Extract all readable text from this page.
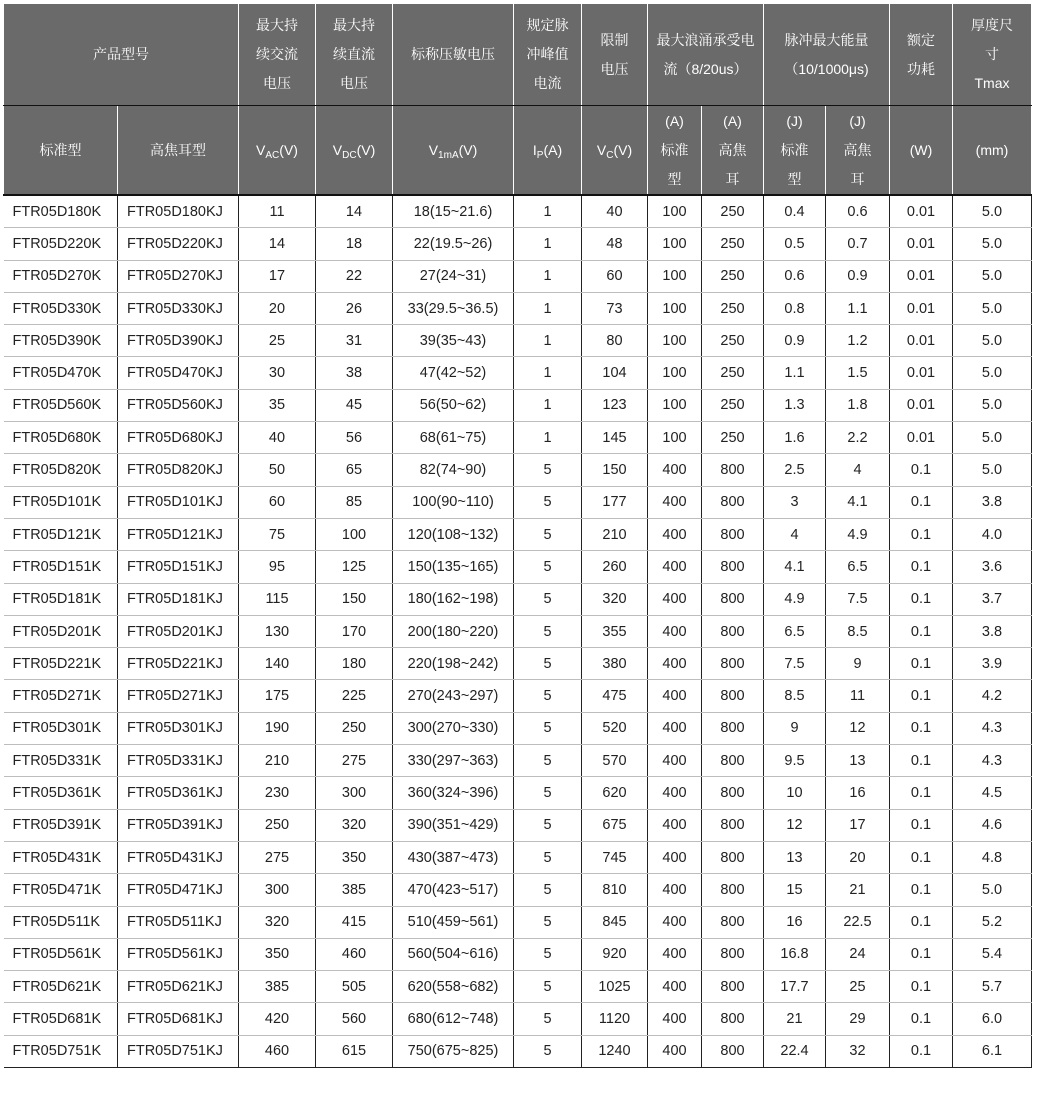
产品型号		最大持续交流电压	最大持续直流电压	标称压敏电压	规定脉冲峰值电流	限制电压	最大浪涌承受电流（8/20us）		脉冲最大能量（10/1000μs)		额定功耗	厚度尺寸Tmax

标准型	高焦耳型	$V_{AC}(V)$	$V_{DC}(V)$	$V_{1mA}(V)$	$I_P(A)$	$V_C(V)$	(A)标准型	(A)高焦耳	(J)标准型	(J)高焦耳	(W)	(mm)
FTR05D180K	FTR05D180KJ	11	14	18(15~21.6)	1	40	100	250	0.4	0.6	0.01	5.0
FTR05D220K	FTR05D220KJ	14	18	22(19.5~26)	1	48	100	250	0.5	0.7	0.01	5.0
FTR05D270K	FTR05D270KJ	17	22	27(24~31)	1	60	100	250	0.6	0.9	0.01	5.0
FTR05D330K	FTR05D330KJ	20	26	33(29.5~36.5)	1	73	100	250	0.8	1.1	0.01	5.0
FTR05D390K	FTR05D390KJ	25	31	39(35~43)	1	80	100	250	0.9	1.2	0.01	5.0
FTR05D470K	FTR05D470KJ	30	38	47(42~52)	1	104	100	250	1.1	1.5	0.01	5.0
FTR05D560K	FTR05D560KJ	35	45	56(50~62)	1	123	100	250	1.3	1.8	0.01	5.0
FTR05D680K	FTR05D680KJ	40	56	68(61~75)	1	145	100	250	1.6	2.2	0.01	5.0
FTR05D820K	FTR05D820KJ	50	65	82(74~90)	5	150	400	800	2.5	4	0.1	5.0
FTR05D101K	FTR05D101KJ	60	85	100(90~110)	5	177	400	800	3	4.1	0.1	3.8
FTR05D121K	FTR05D121KJ	75	100	120(108~132)	5	210	400	800	4	4.9	0.1	4.0
FTR05D151K	FTR05D151KJ	95	125	150(135~165)	5	260	400	800	4.1	6.5	0.1	3.6
FTR05D181K	FTR05D181KJ	115	150	180(162~198)	5	320	400	800	4.9	7.5	0.1	3.7
FTR05D201K	FTR05D201KJ	130	170	200(180~220)	5	355	400	800	6.5	8.5	0.1	3.8
FTR05D221K	FTR05D221KJ	140	180	220(198~242)	5	380	400	800	7.5	9	0.1	3.9
FTR05D271K	FTR05D271KJ	175	225	270(243~297)	5	475	400	800	8.5	11	0.1	4.2
FTR05D301K	FTR05D301KJ	190	250	300(270~330)	5	520	400	800	9	12	0.1	4.3
FTR05D331K	FTR05D331KJ	210	275	330(297~363)	5	570	400	800	9.5	13	0.1	4.3
FTR05D361K	FTR05D361KJ	230	300	360(324~396)	5	620	400	800	10	16	0.1	4.5
FTR05D391K	FTR05D391KJ	250	320	390(351~429)	5	675	400	800	12	17	0.1	4.6
FTR05D431K	FTR05D431KJ	275	350	430(387~473)	5	745	400	800	13	20	0.1	4.8
FTR05D471K	FTR05D471KJ	300	385	470(423~517)	5	810	400	800	15	21	0.1	5.0
FTR05D511K	FTR05D511KJ	320	415	510(459~561)	5	845	400	800	16	22.5	0.1	5.2
FTR05D561K	FTR05D561KJ	350	460	560(504~616)	5	920	400	800	16.8	24	0.1	5.4
FTR05D621K	FTR05D621KJ	385	505	620(558~682)	5	1025	400	800	17.7	25	0.1	5.7
FTR05D681K	FTR05D681KJ	420	560	680(612~748)	5	1120	400	800	21	29	0.1	6.0
FTR05D751K	FTR05D751KJ	460	615	750(675~825)	5	1240	400	800	22.4	32	0.1	6.1
